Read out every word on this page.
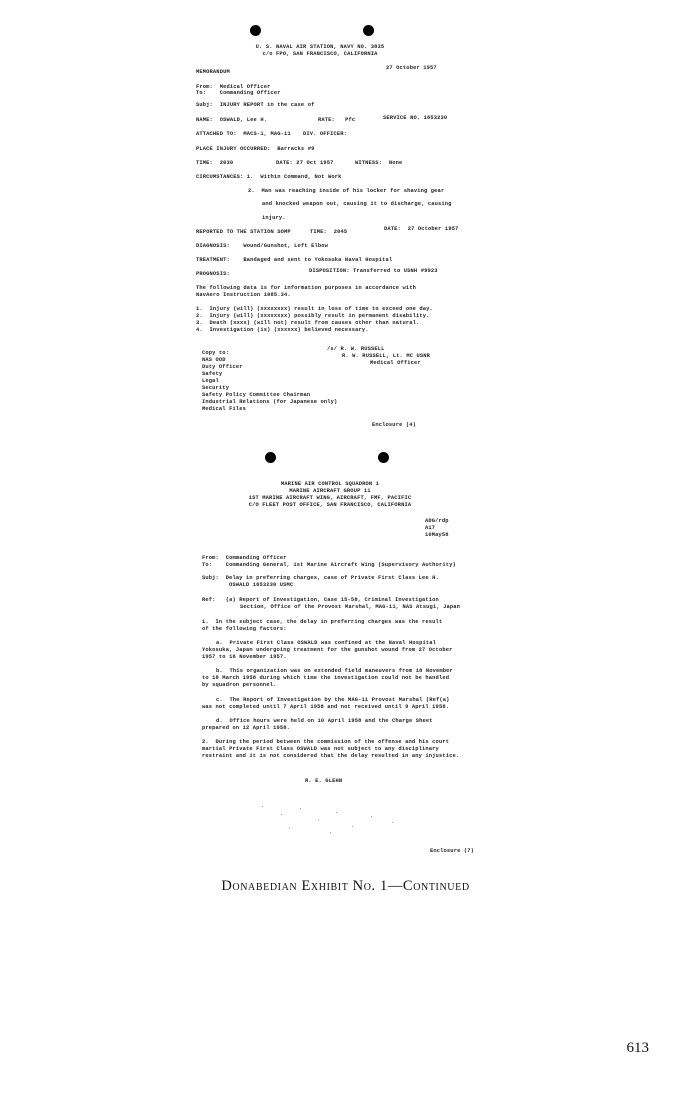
U. S. NAVAL AIR STATION, NAVY NO. 3835
c/o FPO, SAN FRANCISCO, CALIFORNIA
MEMORANDUM
27 October 1957
From:  Medical Officer
To:    Commanding Officer
Subj:  INJURY REPORT in the case of
NAME:  OSWALD, Lee H.	RATE:   Pfc	SERVICE NO. 1653230
ATTACHED TO:  MACS-1, MAG-11 DIV. OFFICER:
PLACE INJURY OCCURRED:  Barracks #9
TIME:  2030	DATE: 27 Oct 1957	WITNESS:  None
CIRCUMSTANCES: 1.  Within Command, Not Work
2.  Man was reaching inside of his locker for shaving gear
and knocked weapon out, causing it to discharge, causing
injury.
REPORTED TO THE STATION SOMP	TIME:  2045	DATE:  27 October 1957
DIAGNOSIS:    Wound/Gunshot, Left Elbow
TREATMENT:    Bandaged and sent to Yokosuka Naval Hospital
PROGNOSIS:	DISPOSITION: Transferred to USNH #9923
The following data is for information purposes in accordance with
NavAero Instruction 1085.34.
1.  Injury (will) (xxxxxxxx) result in loss of time to exceed one day.
2.  Injury (will) (xxxxxxxx) possibly result in permanent disability.
3.  Death (xxxx) (will not) result from causes other than natural.
4.  Investigation (is) (xxxxxx) believed necessary.
/s/ R. W. RUSSELL
R. W. RUSSELL, Lt. MC USNR
Medical Officer
Copy to:
NAS OOD
Duty Officer
Safety
Legal
Security
Safety Policy Committee Chairman
Industrial Relations (for Japanese only)
Medical Files
Enclosure (4)
MARINE AIR CONTROL SQUADRON 1
MARINE AIRCRAFT GROUP 11
1ST MARINE AIRCRAFT WING, AIRCRAFT, FMF, PACIFIC
C/O FLEET POST OFFICE, SAN FRANCISCO, CALIFORNIA
ADG/rdp
A17
10May58
From:  Commanding Officer
To:    Commanding General, 1st Marine Aircraft Wing (Supervisory Authority)
Subj:  Delay in preferring charges, case of Private First Class Lee H.
OSWALD 1653230 USMC
Ref:   (a) Report of Investigation, Case 15-58, Criminal Investigation
Section, Office of the Provost Marshal, MAG-11, NAS Atsugi, Japan
1.  In the subject case, the delay in preferring charges was the result
of the following factors:
a.  Private First Class OSWALD was confined at the Naval Hospital
Yokosuka, Japan undergoing treatment for the gunshot wound from 27 October
1957 to 16 November 1957.
b.  This organization was on extended field maneuvers from 18 November
to 18 March 1958 during which time the investigation could not be handled
by squadron personnel.
c.  The Report of Investigation by the MAG-11 Provost Marshal (Ref(a)
was not completed until 7 April 1958 and not received until 9 April 1958.
d.  Office hours were held on 10 April 1958 and the Charge Sheet
prepared on 12 April 1958.
2.  During the period between the commission of the offense and his court
martial Private First Class OSWALD was not subject to any disciplinary
restraint and it is not considered that the delay resulted in any injustice.
R. E. GLEHN
Enclosure (7)
Donabedian Exhibit No. 1—Continued
613
